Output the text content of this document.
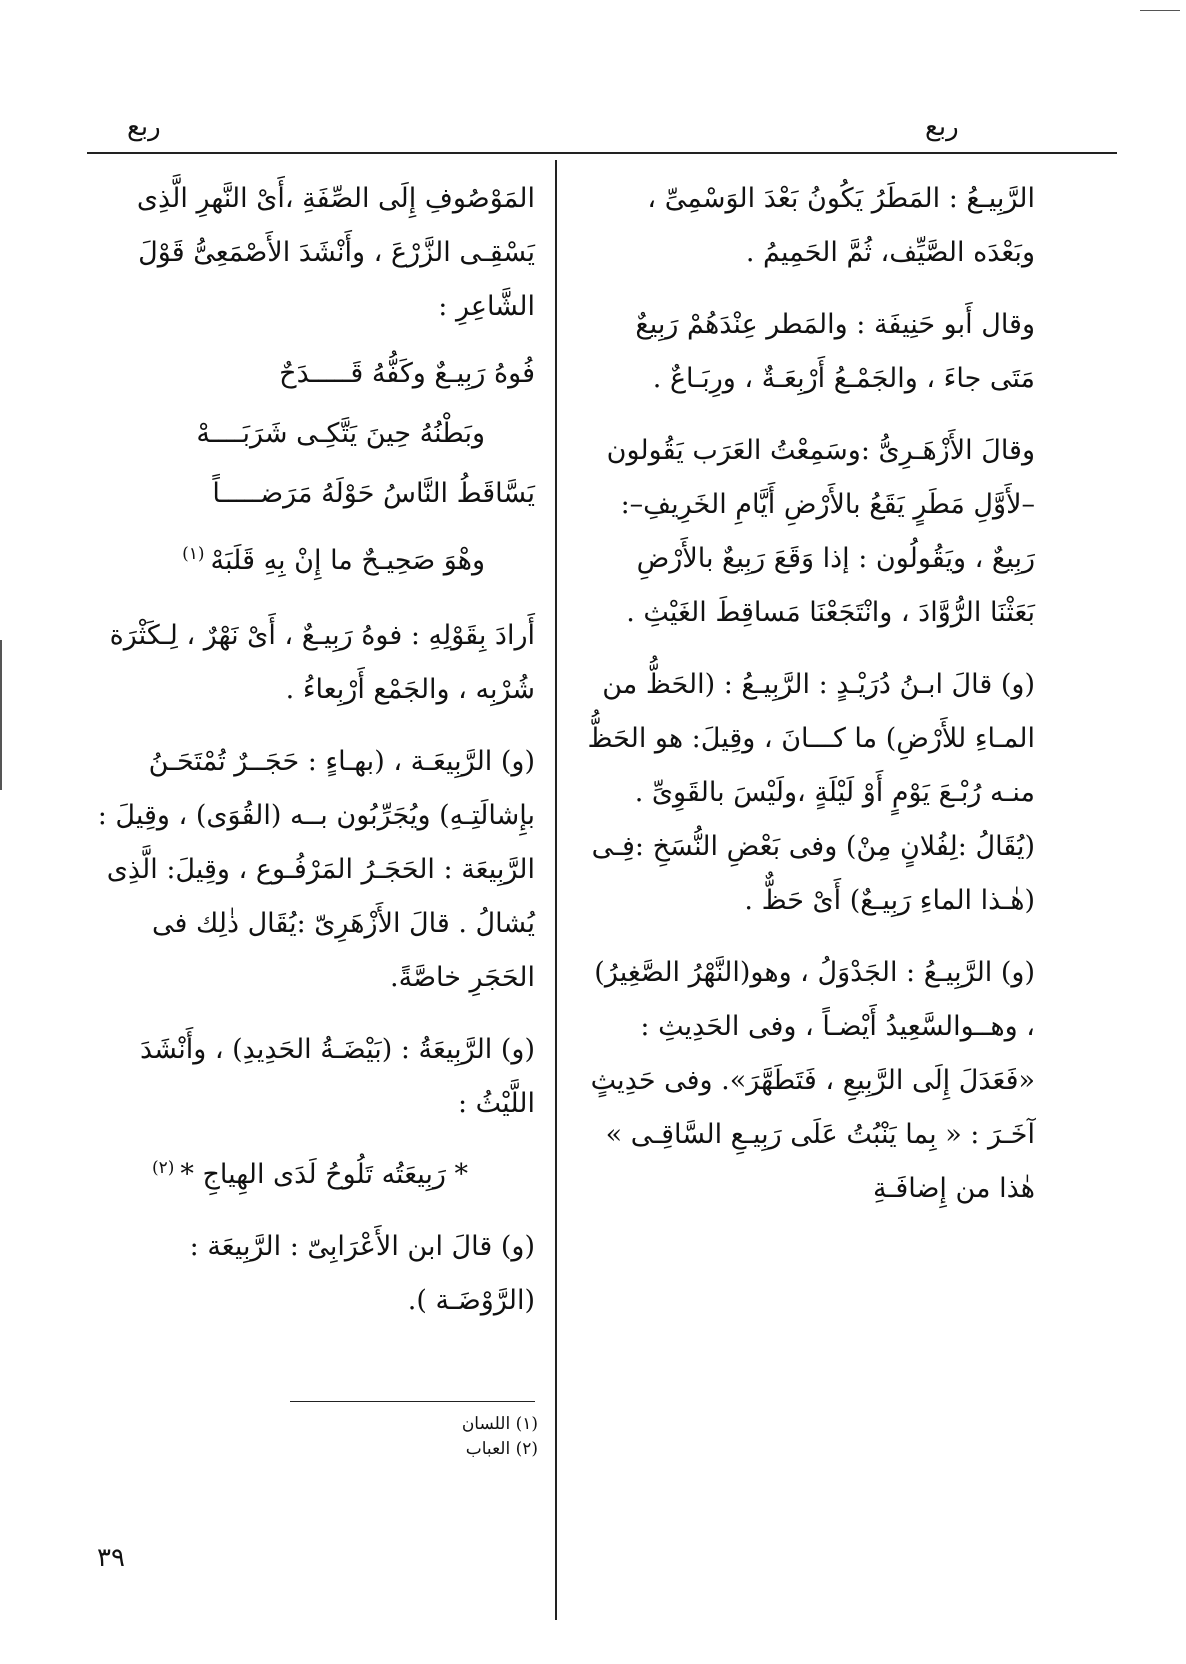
ربع	ربع

الرَّبِيـعُ : المَطَرُ يَكُونُ بَعْدَ الوَسْمِىِّ ، وبَعْدَه الصَّيِّف، ثُمَّ الحَمِيمُ .

وقال أَبو حَنِيفَة : والمَطر عِنْدَهُمْ رَبِيعٌ مَتَى جاءَ ، والجَمْـعُ أَرْبِعَـةٌ ، ورِبَـاعٌ .

وقالَ الأَزْهَـرِىُّ :وسَمِعْتُ العَرَب يَقُولون –لأَوَّلِ مَطَرٍ يَقَعُ بالأَرْضِ أَيَّامِ الخَرِيفِ–: رَبِيعٌ ، ويَقُولُون : إذا وَقَعَ رَبِيعٌ بالأَرْضِ بَعَثْنَا الرُّوَّادَ ، وانْتَجَعْنَا مَساقِطَ الغَيْثِ .

(و) قالَ ابـنُ دُرَيْـدٍ : الرَّبِيـعُ : (الحَظُّ من المـاءِ للأَرْضِ) ما كـــانَ ، وقِيلَ: هو الحَظُّ منـه رُبْـعَ يَوْمٍ أَوْ لَيْلَةٍ ،ولَيْسَ بالقَوِىِّ . (يُقَالُ :لِفُلانٍ مِنْ) وفى بَعْضِ النُّسَخِ :فِـى (هٰـذا الماءِ رَبِيـعٌ) أَىْ حَظٌّ .

(و) الرَّبِيـعُ : الجَدْوَلُ ، وهو(النَّهْرُ الصَّغِيرُ) ، وهــوالسَّعِيدُ أَيْضـاً ، وفى الحَدِيثِ : «فَعَدَلَ إِلَى الرَّبِيعِ ، فَتَطَهَّرَ». وفى حَدِيثٍ آخَـرَ : « بِما يَنْبُتُ عَلَى رَبِيـعِ السَّاقِـى » هٰذا من إِضافَـةِ

المَوْصُوفِ إِلَى الصِّفَةِ ،أَىْ النَّهرِ الَّذِى يَسْقِـى الزَّرْعَ ، وأَنْشَدَ الأَصْمَعِىُّ قَوْلَ الشَّاعِرِ :

فُوهُ رَبِيـعٌ وكَفُّهُ قَـــــدَحٌ
وبَطْنُهُ حِينَ يَتَّكِـى شَرَبَــــهْ
يَسَّاقَطُ النَّاسُ حَوْلَهُ مَرَضـــــاً
وهْوَ صَحِيـحٌ ما إِنْ بِهِ قَلَبَهْ$^{(١)}$

أَرادَ بِقَوْلِهِ : فوهُ رَبِيـعٌ ، أَىْ نَهْرٌ ، لِـكَثْرَة شُرْبِه ، والجَمْع أَرْبِعاءُ .

(و) الرَّبِيعَـة ، (بهـاءٍ : حَجَــرٌ تُمْتَحَـنُ بإِشالَتِـهِ) ويُجَرِّبُون بــه (القُوَى) ، وقِيلَ : الرَّبِيعَة : الحَجَـرُ المَرْفُـوع ، وقِيلَ: الَّذِى يُشالُ . قالَ الأَزْهَرِىّ :يُقَال ذٰلِك فى الحَجَرِ خاصَّةً.

(و) الرَّبِيعَةُ : (بَيْضَـةُ الحَدِيدِ) ، وأَنْشَدَ اللَّيْثُ :

* رَبِيعَتُه تَلُوحُ لَدَى الهِياجِ *$^{(٢)}$

(و) قالَ ابن الأَعْرَابِىّ : الرَّبِيعَة : (الرَّوْضَـة ).

(١) اللسان
(٢) العباب
٣٩
